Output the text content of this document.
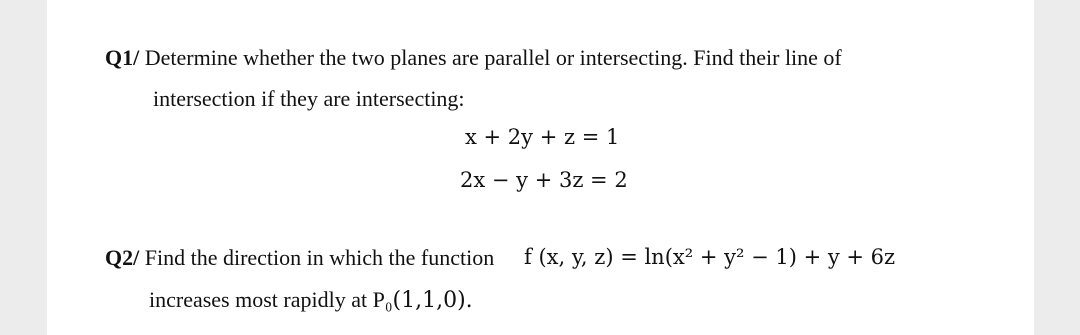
Q1/ Determine whether the two planes are parallel or intersecting. Find their line of
intersection if they are intersecting:
x + 2y + z = 1
2x − y + 3z = 2
Q2/ Find the direction in which the function f (x, y, z) = ln(x² + y² − 1) + y + 6z
increases most rapidly at P₀(1,1,0).
